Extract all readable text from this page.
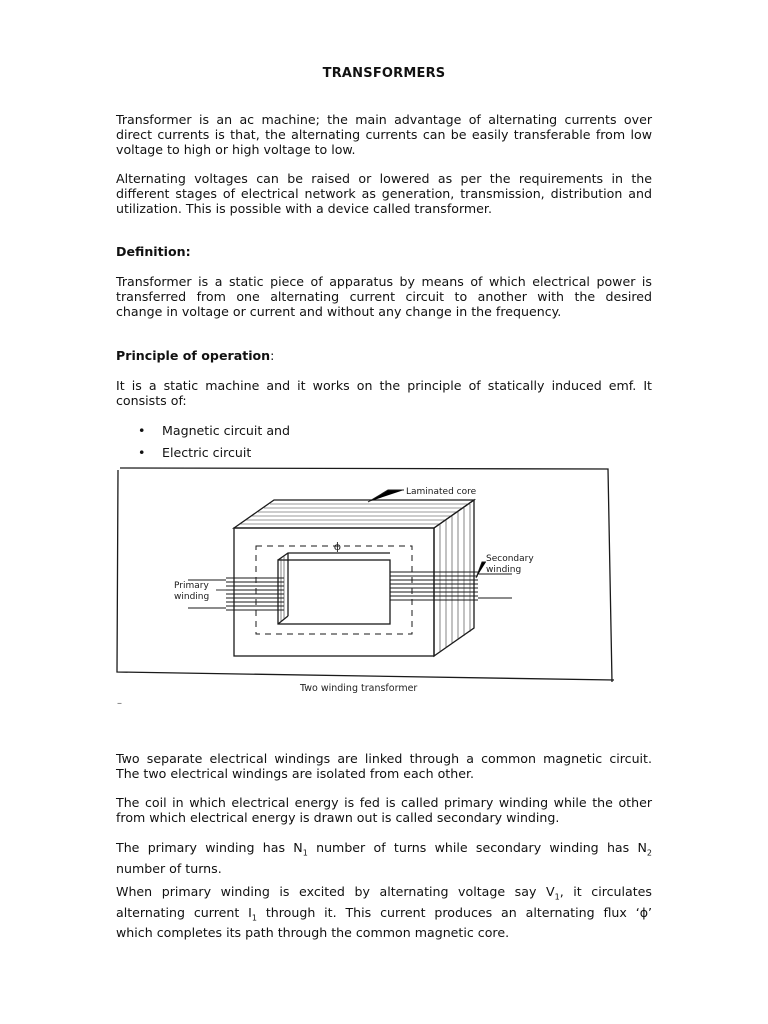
TRANSFORMERS
Transformer is an ac machine; the main advantage of alternating currents over
direct currents is that, the alternating currents can be easily transferable from low
voltage to high or high voltage to low.
Alternating voltages can be raised or lowered as per the requirements in the
different stages of electrical network as generation, transmission, distribution and
utilization. This is possible with a device called transformer.
Definition:
Transformer is a static piece of apparatus by means of which electrical power is
transferred from one alternating current circuit to another with the desired
change in voltage or current and without any change in the frequency.
Principle of operation:
It is a static machine and it works on the principle of statically induced emf. It
consists of:
• Magnetic circuit and
• Electric circuit
Laminated core
Secondary
winding
Primary
winding
ϕ
Two winding transformer
–
Two separate electrical windings are linked through a common magnetic circuit.
The two electrical windings are isolated from each other.
The coil in which electrical energy is fed is called primary winding while the other
from which electrical energy is drawn out is called secondary winding.
The primary winding has $N_1$ number of turns while secondary winding has $N_2$
number of turns.
When primary winding is excited by alternating voltage say $V_1$, it circulates
alternating current $I_1$ through it. This current produces an alternating flux ‘ϕ’
which completes its path through the common magnetic core.
